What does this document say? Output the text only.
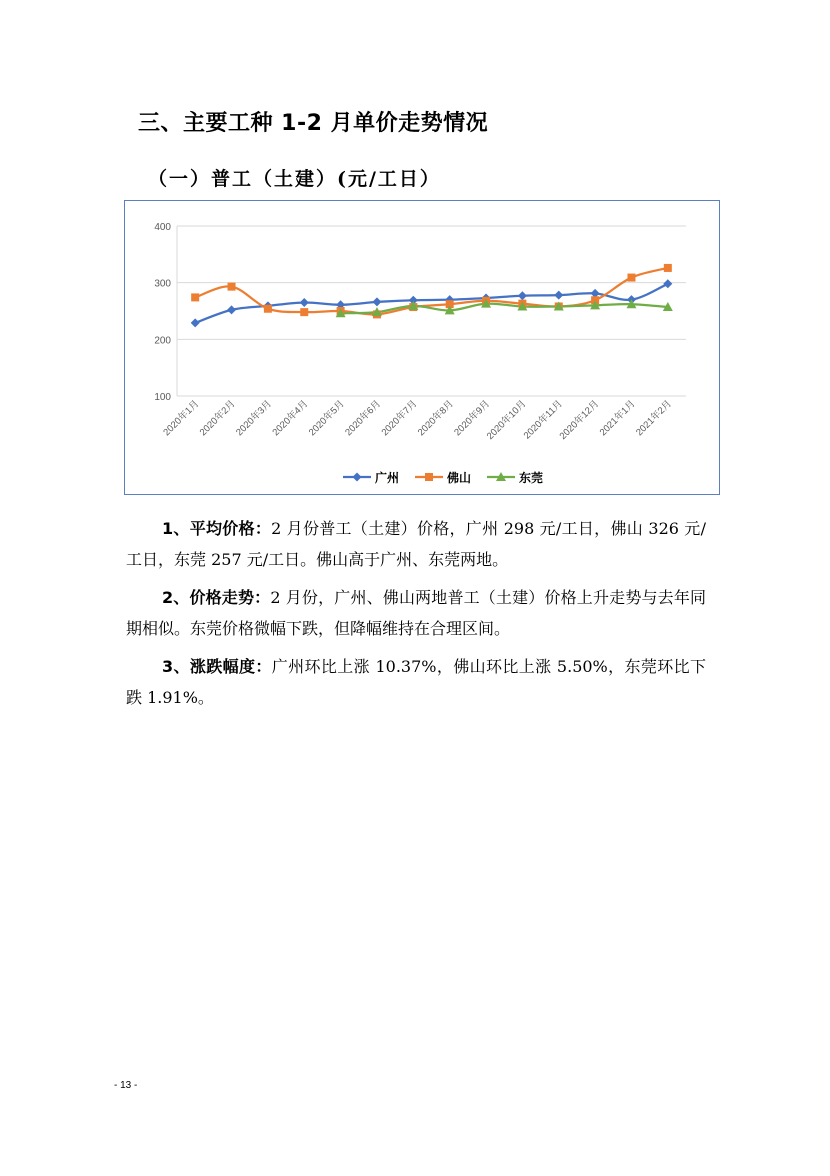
三、主要工种 1-2 月单价走势情况
（一）普工（土建）(元/工日）
100
200
300
400
2020年1月
2020年2月
2020年3月
2020年4月
2020年5月
2020年6月
2020年7月
2020年8月
2020年9月
2020年10月
2020年11月
2020年12月
2021年1月
2021年2月
广州	佛山	东莞

1、平均价格：2 月份普工（土建）价格，广州 298 元/工日，佛山 326 元/工日，东莞 257 元/工日。佛山高于广州、东莞两地。

2、价格走势：2 月份，广州、佛山两地普工（土建）价格上升走势与去年同期相似。东莞价格微幅下跌，但降幅维持在合理区间。

3、涨跌幅度：广州环比上涨 10.37%，佛山环比上涨 5.50%，东莞环比下跌 1.91%。

- 13 -
